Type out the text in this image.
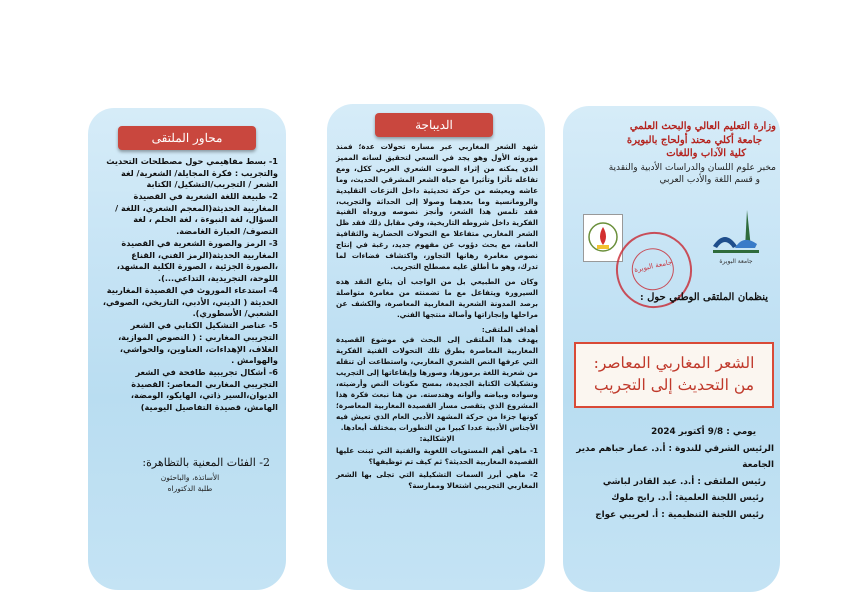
محاور الملتقى
1- بسط مفاهيمي حول مصطلحات التحديث والتجريب : فكرة المجايلة/ الشعرية/ لغة الشعر / التجريب/التشكيل/ الكتابة
2- طبيعة اللغة الشعرية في القصيدة المغاربية الحديثة(المعجم الشعري، اللغة /السؤال، لغة النبوءة ، لغة الحلم ، لغة التصوف/ العبارة الغامضة.
3- الرمز والصورة الشعرية في القصيدة المغاربية الحديثة(الرمز الفني، القناع ،الصورة الجزئية ، الصورة الكلية المشهد، اللوحة، التجريدية، التداعي...).
4- استدعاء الموروث في القصيدة المغاربية الحديثة ( الديني، الأدبي، التاريخي، الصوفي، الشعبي/ الأسطوري).
5- عناصر التشكيل الكتابي في الشعر التجريبي المغاربي : ( النصوص الموازية، الغلاف، الإهداءات، العناوين، والحواشي، والهوامش .
6- أشكال تجريبية طافحة في الشعر التجريبي المغاربي المعاصر: القصيدة الديوان،السير ذاتي، الهايكو، الومضة، الهامش، قصيدة التفاصيل اليومية)
2- الفئات المعنية بالتظاهرة:
الأساتذة، والباحثون
طلبة الدكتوراه
الديباجة
شهد الشعر المغاربي عبر مساره تحولات عدة؛ فمنذ موروثه الأول وهو يجد في السعي لتحقيق لسانه المميز الذي يمكنه من إثراء الصوت الشعري العربي ككل، ومع تفاعله تأثرا وتأثيرا مع حياة الشعر المشرقي الحديث، وما عاشه ويعيشه من حركة تحديثية داخل النزعات التقليدية والرومانسية وما بعدهما وصولا إلى الحداثة والتجريب، فقد تلمس هذا الشعر، وأنجز نصوصه وروداه الفنية الفكرية داخل شروطه التاريخية، وفي مقابل ذلك فقد ظل الشعر المغاربي متفاعلا مع التحولات الحضارية والثقافية العامة، مع بحث دؤوب عن مفهوم جديد، رغبة في إنتاج نصوص مغامرة رهانها التجاوز، واكتشاف فضاءات لما تدرك، وهو ما أطلق عليه مصطلح التجريب.
وكان من الطبيعي بل من الواجب أن يتابع النقد هذه السيرورة ويتفاعل مع ما تضمنته من مغامرة متواصلة برصد المدونة الشعرية المغاربية المعاصرة، والكشف عن مراحلها وإنجازاتها وأصالة منتجها الفني.
أهداف الملتقى:
يهدف هذا الملتقى إلى البحث في موضوع القصيدة المغاربية المعاصرة بطرق تلك التحولات الفنية الفكرية التي عرفها النص الشعري المغاربي، واستطاعت أن تنقله من شعرية اللغة برموزها، وصورها وإيقاعاتها إلى التجريب وتشكيلات الكتابة الجديدة، بمسح مكونات النص وأرضيته، وسواده وبياضه وألوانه وهندسته. من هنا نبعث فكرة هذا المشروع الذي يتقصى مسار القصيدة المغاربية المعاصرة؛ كونها جزءا من حركة المشهد الأدبي العام الذي تعيش فيه الأجناس الأدبية عددا كبيرا من التطورات بمختلف أبعادها.
الإشكالية:
1- ماهي أهم المستويات اللغوية والفنية التي تبنت عليها القصيدة المغاربية الحديثة؟ ثم كيف تم توظيفها؟
2- ماهي أبرز السمات التشكيلية التي تجلى بها الشعر المغاربي التجريبي اشتغالا وممارسة؟
وزارة التعليم العالي والبحث العلمي
جامعة أكلي محند أولحاج بالبويرة
كلية الآداب واللغات
مخبر علوم اللسان والدراسات الأدبية والنقدية
و قسم اللغة والأدب العربي
جامعة البويرة
جامعة البويرة
ينظمان الملتقى الوطني حول :
الشعر المغاربي المعاصر:
من التحديث إلى التجريب
يومي : 9/8 أكتوبر 2024
الرئيس الشرفي للندوة : أ.د. عمار حباهم مدير الجامعة
رئيس الملتقى : أ.د. عبد القادر لباشي
رئيس اللجنة العلمية: أ.د. رابح ملوك
رئيس اللجنة التنظيمية : أ. لعريبي عواج
